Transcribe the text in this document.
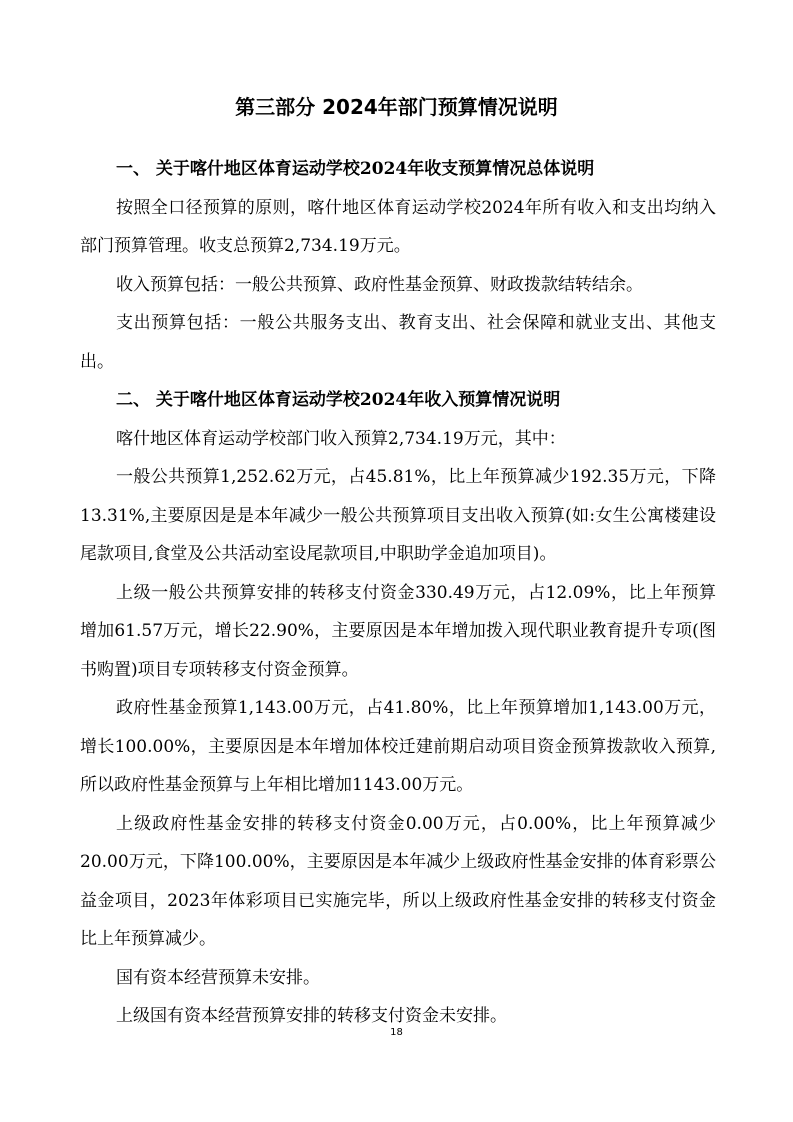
第三部分 2024年部门预算情况说明

一、 关于喀什地区体育运动学校2024年收支预算情况总体说明

按照全口径预算的原则，喀什地区体育运动学校2024年所有收入和支出均纳入部门预算管理。收支总预算2,734.19万元。

收入预算包括：一般公共预算、政府性基金预算、财政拨款结转结余。

支出预算包括：一般公共服务支出、教育支出、社会保障和就业支出、其他支出。

二、 关于喀什地区体育运动学校2024年收入预算情况说明

喀什地区体育运动学校部门收入预算2,734.19万元，其中：

一般公共预算1,252.62万元，占45.81%，比上年预算减少192.35万元，下降13.31%,主要原因是是本年减少一般公共预算项目支出收入预算(如:女生公寓楼建设尾款项目,食堂及公共活动室设尾款项目,中职助学金追加项目)。

上级一般公共预算安排的转移支付资金330.49万元，占12.09%，比上年预算增加61.57万元，增长22.90%，主要原因是本年增加拨入现代职业教育提升专项(图书购置)项目专项转移支付资金预算。

政府性基金预算1,143.00万元，占41.80%，比上年预算增加1,143.00万元，增长100.00%，主要原因是本年增加体校迁建前期启动项目资金预算拨款收入预算,所以政府性基金预算与上年相比增加1143.00万元。

上级政府性基金安排的转移支付资金0.00万元，占0.00%，比上年预算减少20.00万元，下降100.00%，主要原因是本年减少上级政府性基金安排的体育彩票公益金项目，2023年体彩项目已实施完毕，所以上级政府性基金安排的转移支付资金比上年预算减少。

国有资本经营预算未安排。

上级国有资本经营预算安排的转移支付资金未安排。

18
